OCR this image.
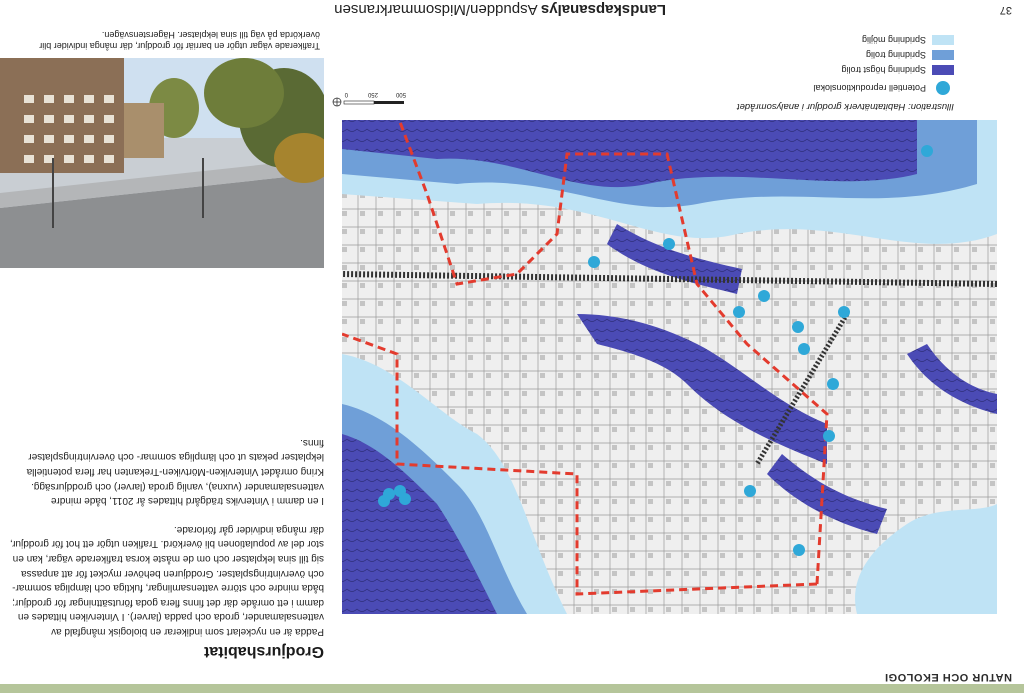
NATUR OCH EKOLOGI
37
Landskapsanalys Aspudden/Midsommarkransen
Grodjurshabitat

Padda är en nyckelart som indikerar en biologisk mångfald av vattensalamander, groda och padda (larver). I Vinterviken hittades en damm i ett område där det finns flera goda förutsättningar för groddjur; båda mindre och större vattensamlingar, fuktiga och lämpliga sommar- och övervintringsplatser. Groddjuren behöver mycket för att anpassa sig till sina lekplatser och om de måste korsa trafikerade vägar, kan en stor del av populationen bli överkörd. Trafiken utgör ett hot för groddjur, där många individer går förlorade.

I en damm i Vinterviks trädgård hittades år 2011, både mindre vattensalamander (vuxna), vanlig groda (larver) och groddjursägg. Kring området Vinterviken-Mörtviken-Trekanten har flera potentiella lekplatser pekats ut och lämpliga sommar- och övervintringsplatser finns.

Trafikerade vägar utgör en barriär för groddjur, där många individer blir överkörda på väg till sina lekplatser. Hägerstensvägen.
Illustration: Habitatnätverk groddjur i analysområdet
Potentiell reproduktionslokal
Spridning högst trolig
Spridning trolig
Spridning möjlig
500
250
0
